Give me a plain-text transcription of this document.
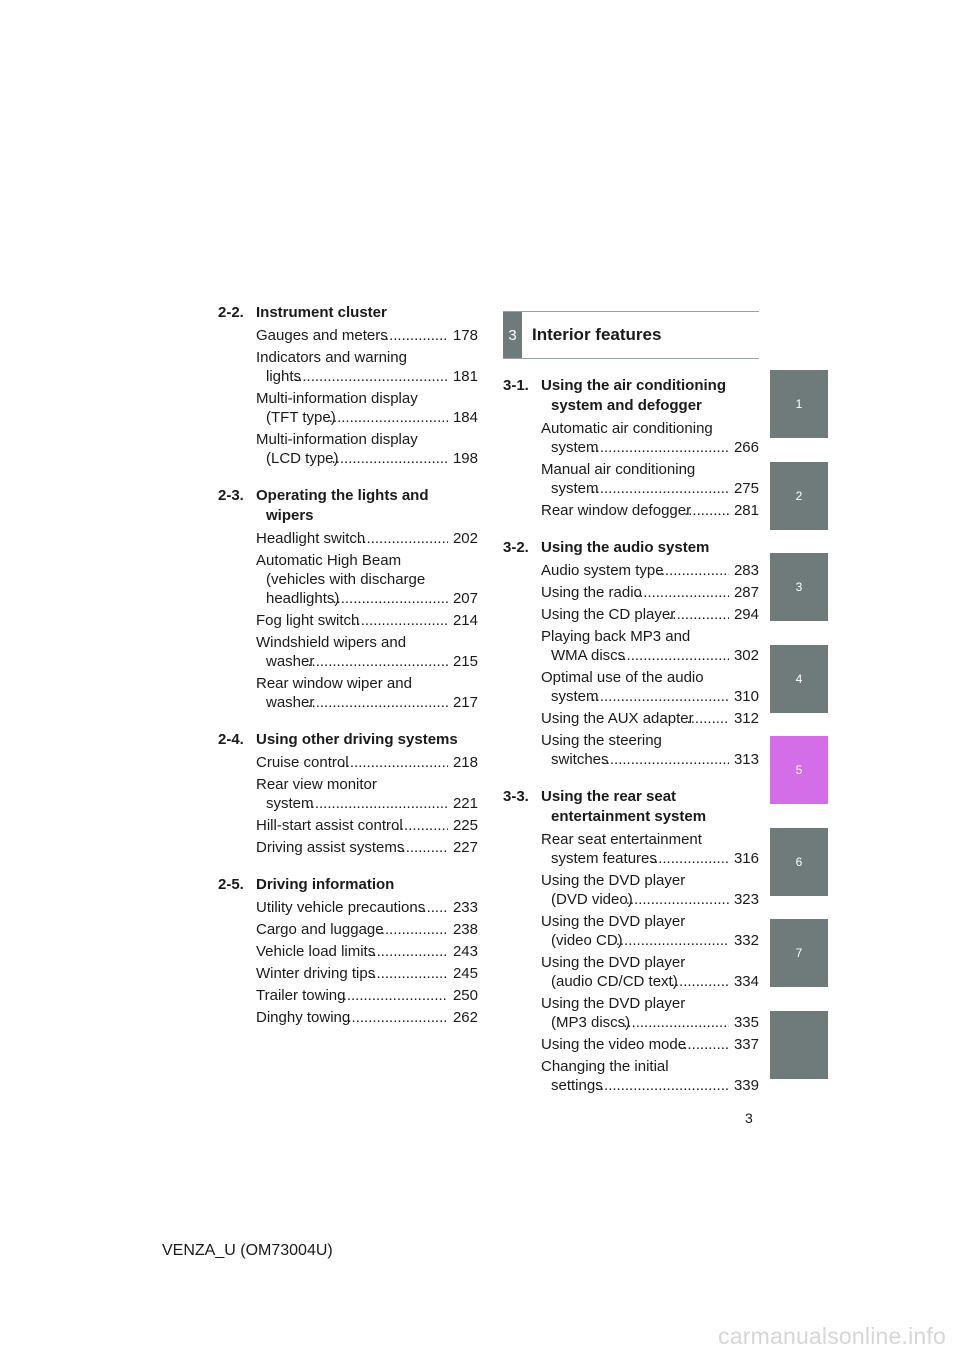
2-2. Instrument cluster
Gauges and meters .....	178
Indicators and warning
lights .....	181
Multi-information display
(TFT type) .....	184
Multi-information display
(LCD type) .....	198
2-3. Operating the lights and
wipers
Headlight switch .....	202
Automatic High Beam
(vehicles with discharge
headlights) .....	207
Fog light switch .....	214
Windshield wipers and
washer .....	215
Rear window wiper and
washer .....	217
2-4. Using other driving systems
Cruise control .....	218
Rear view monitor
system .....	221
Hill-start assist control .....	225
Driving assist systems .....	227
2-5. Driving information
Utility vehicle precautions .....	233
Cargo and luggage .....	238
Vehicle load limits .....	243
Winter driving tips .....	245
Trailer towing .....	250
Dinghy towing .....	262
3 Interior features
3-1. Using the air conditioning
system and defogger
Automatic air conditioning
system .....	266
Manual air conditioning
system .....	275
Rear window defogger .....	281
3-2. Using the audio system
Audio system type .....	283
Using the radio .....	287
Using the CD player .....	294
Playing back MP3 and
WMA discs .....	302
Optimal use of the audio
system .....	310
Using the AUX adapter .....	312
Using the steering
switches .....	313
3-3. Using the rear seat
entertainment system
Rear seat entertainment
system features .....	316
Using the DVD player
(DVD video) .....	323
Using the DVD player
(video CD) .....	332
Using the DVD player
(audio CD/CD text) .....	334
Using the DVD player
(MP3 discs) .....	335
Using the video mode .....	337
Changing the initial
settings .....	339
1
2
3
4
5
6
7
3
VENZA_U (OM73004U)
carmanualsonline.info
